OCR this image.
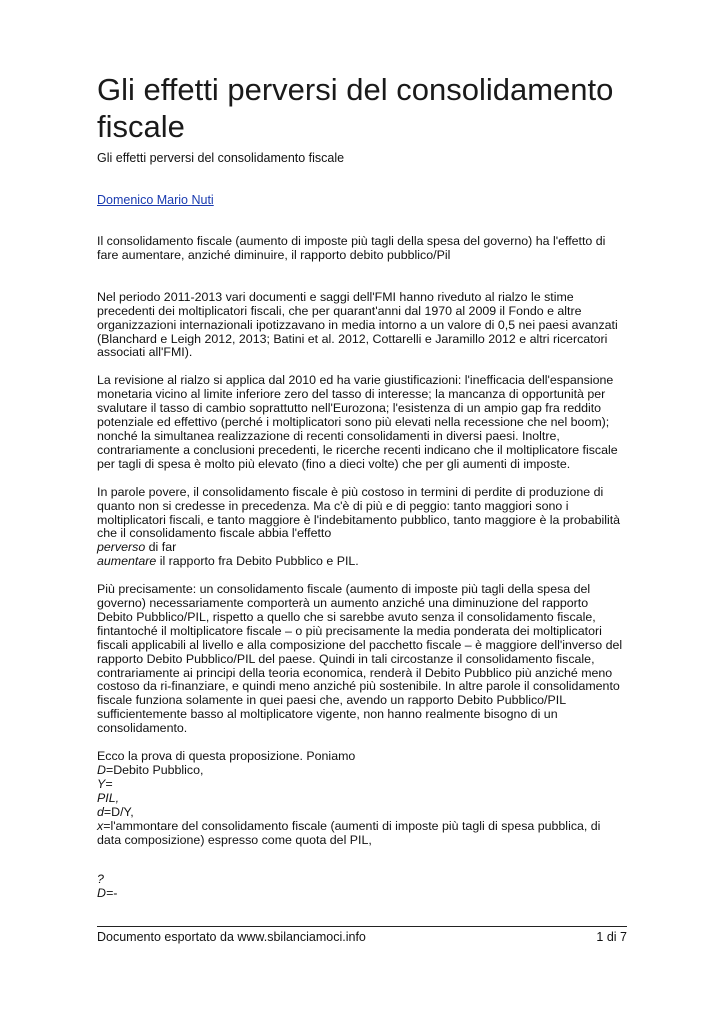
Gli effetti perversi del consolidamento fiscale
Gli effetti perversi del consolidamento fiscale
Domenico Mario Nuti

Il consolidamento fiscale (aumento di imposte più tagli della spesa del governo) ha l'effetto di fare aumentare, anziché diminuire, il rapporto debito pubblico/Pil

Nel periodo 2011-2013 vari documenti e saggi dell'FMI hanno riveduto al rialzo le stime precedenti dei moltiplicatori fiscali, che per quarant'anni dal 1970 al 2009 il Fondo e altre organizzazioni internazionali ipotizzavano in media intorno a un valore di 0,5 nei paesi avanzati (Blanchard e Leigh 2012, 2013; Batini et al. 2012, Cottarelli e Jaramillo 2012 e altri ricercatori associati all'FMI).

La revisione al rialzo si applica dal 2010 ed ha varie giustificazioni: l'inefficacia dell'espansione monetaria vicino al limite inferiore zero del tasso di interesse; la mancanza di opportunità per svalutare il tasso di cambio soprattutto nell'Eurozona; l'esistenza di un ampio gap fra reddito potenziale ed effettivo (perché i moltiplicatori sono più elevati nella recessione che nel boom); nonché la simultanea realizzazione di recenti consolidamenti in diversi paesi. Inoltre, contrariamente a conclusioni precedenti, le ricerche recenti indicano che il moltiplicatore fiscale per tagli di spesa è molto più elevato (fino a dieci volte) che per gli aumenti di imposte.

In parole povere, il consolidamento fiscale è più costoso in termini di perdite di produzione di quanto non si credesse in precedenza. Ma c'è di più e di peggio: tanto maggiori sono i moltiplicatori fiscali, e tanto maggiore è l'indebitamento pubblico, tanto maggiore è la probabilità che il consolidamento fiscale abbia l'effetto
perverso di far
aumentare il rapporto fra Debito Pubblico e PIL.

Più precisamente: un consolidamento fiscale (aumento di imposte più tagli della spesa del governo) necessariamente comporterà un aumento anziché una diminuzione del rapporto Debito Pubblico/PIL, rispetto a quello che si sarebbe avuto senza il consolidamento fiscale, fintantoché il moltiplicatore fiscale – o più precisamente la media ponderata dei moltiplicatori fiscali applicabili al livello e alla composizione del pacchetto fiscale – è maggiore dell'inverso del rapporto Debito Pubblico/PIL del paese. Quindi in tali circostanze il consolidamento fiscale, contrariamente ai principi della teoria economica, renderà il Debito Pubblico più anziché meno costoso da ri-finanziare, e quindi meno anziché più sostenibile. In altre parole il consolidamento fiscale funziona solamente in quei paesi che, avendo un rapporto Debito Pubblico/PIL sufficientemente basso al moltiplicatore vigente, non hanno realmente bisogno di un consolidamento.

Ecco la prova di questa proposizione. Poniamo
D=Debito Pubblico,
Y=
PIL,
d=D/Y,
x=l'ammontare del consolidamento fiscale (aumenti di imposte più tagli di spesa pubblica, di data composizione) espresso come quota del PIL,

?
D=-

Documento esportato da www.sbilanciamoci.info	1 di 7
